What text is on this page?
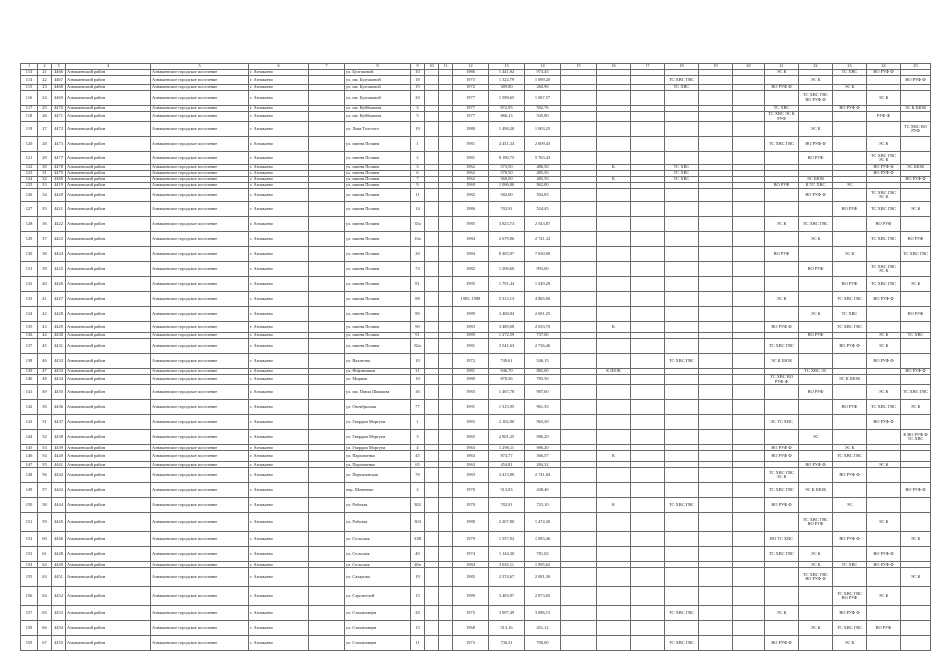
1	2	3	4	5	6	7	8	9	10	11	12	13	14	15	16	17	18	19	20	21	22	23	24	25
113	21	4466	Азнакаевский район	Азнакаевское городское поселение	г. Азнакаево		ул. Булгаковой	10			1986	1 441,92	974,45							ЭС К		ТС ХВС	ВО РУФ Ф	
114	22	4467	Азнакаевский район	Азнакаевское городское поселение	г. Азнакаево		ул. им. Булгаковой	18			1973	1 322,79	1 089,20				ТС ХВС ГВС				ЭС К			ВО РУФ Ф
115	23	4468	Азнакаевский район	Азнакаевское городское поселение	г. Азнакаево		ул. им. Булгаковой	19			1972	389,80	260,90				ТС ХВС			ВО РУФ Ф		ЭС К		
116	24	4469	Азнакаевский район	Азнакаевское городское поселение	г. Азнакаево		ул. им. Булгаковой	20			1977	1 598,65	1 067,57								ТС ХВС ГВС ВО РУФ Ф		ЭС К	
117	25	4470	Азнакаевский район	Азнакаевское городское поселение	г. Азнакаево		ул. им. Куйбышева	3			1977	872,95	592,76							ТС ХВС		ВО РУФ Ф		ЭС К ШОК
118	26	4471	Азнакаевский район	Азнакаевское городское поселение	г. Азнакаево		ул. им. Куйбышева	5			1977	866,13	545,80							ТС ХВС ЭС К РУФ			РУФ Ф	
119	27	4472	Азнакаевский район	Азнакаевское городское поселение	г. Азнакаево		ул. Льва Толстого	19			1980	1 498,20	1 003,25								ЭС К			ТС ХВС ВО РУФ
120	28	4473	Азнакаевский район	Азнакаевское городское поселение	г. Азнакаево		ул. имени Почина	1			1981	4 451,34	2 609,43							ТС ХВС ГВС	ВО РУФ Ф		ЭС К	
121	29	4477	Азнакаевский район	Азнакаевское городское поселение	г. Азнакаево		ул. имени Почина	2			1981	8 180,75	5 763,43								ВО РУФ		ТС ХВС ГВС ЭС К	
122	30	4478	Азнакаевский район	Азнакаевское городское поселение	г. Азнакаево		ул. имени Почина	3			1962	573,50	486,50		К		ТС ХВС						ВО РУФ Ф	ЭС ШОК
123	31	4479	Азнакаевский район	Азнакаевское городское поселение	г. Азнакаево		ул. имени Почина	6			1962	578,50	485,50				ТС ХВС						ВО РУФ Ф	
124	32	4480	Азнакаевский район	Азнакаевское городское поселение	г. Азнакаево		ул. имени Почина	7			1962	560,00	485,50		К		ТС ХВС				ЭС ШОК			ВО РУФ Ф
125	33	4419	Азнакаевский район	Азнакаевское городское поселение	г. Азнакаево		ул. имени Почина	9			1969	1 006,80	962,00							ВО РУФ	К ТС ХВС	ЭС		
126	34	4420	Азнакаевский район	Азнакаевское городское поселение	г. Азнакаево		ул. имени Почина	11			1982	582,00	504,83								ВО РУФ Ф		ТС ХВС ГВС ЭС К	
127	35	4421	Азнакаевский район	Азнакаевское городское поселение	г. Азнакаево		ул. имени Почина	14			1986	702,91	524,45									ВО РУФ	ТС ХВС ГВС	ЭС К
128	36	4422	Азнакаевский район	Азнакаевское городское поселение	г. Азнакаево		ул. имени Почина	35а			1985	3 823,73	2 543,87							ЭС К	ТС ХВС ГВС		ВО РУФ	
129	37	4423	Азнакаевский район	Азнакаевское городское поселение	г. Азнакаево		ул. имени Почина	16а			1984	2 679,06	2 741,32								ЭС К		ТС ХВС ГВС	ВО РУФ
130	38	4424	Азнакаевский район	Азнакаевское городское поселение	г. Азнакаево		ул. имени Почина	30			1984	8 465,97	7 630,00							ВО РУФ		ЭС К		ТС ХВС ГВС
131	39	4425	Азнакаевский район	Азнакаевское городское поселение	г. Азнакаево		ул. имени Почина	73			1982	1 206,60	993,00								ВО РУФ		ТС ХВС ГВС ЭС К	
132	40	4426	Азнакаевский район	Азнакаевское городское поселение	г. Азнакаево		ул. имени Почина	81			1995	1 791,44	1 549,29									ВО РУФ	ТС ХВС ГВС	ЭС К
133	41	4427	Азнакаевский район	Азнакаевское городское поселение	г. Азнакаево		ул. имени Почина	88			1985, 1988	5 313,13	4 865,00							ЭС К		ТС ХВС ГВС	ВО РУФ Ф	
134	42	4428	Азнакаевский район	Азнакаевское городское поселение	г. Азнакаево		ул. имени Почина	89			1989	3 408,84	2 681,25								ЭС К	ТС ХВС		ВО РУФ
135	43	4429	Азнакаевский район	Азнакаевское городское поселение	г. Азнакаево		ул. имени Почина	90			1983	3 489,08	2 633,70		К					ВО РУФ Ф		ТС ХВС ГВС		
136	44	4430	Азнакаевский район	Азнакаевское городское поселение	г. Азнакаево		ул. имени Почина	91			1989	1 272,59	737,00								ВО РУФ		ЭС К	ТС ХВС
137	45	4431	Азнакаевский район	Азнакаевское городское поселение	г. Азнакаево		ул. имени Почина	82а			1981	3 541,63	2 736,46							ТС ХВС ГВС		ВО РУФ Ф	ЭС К	
138	46	4432	Азнакаевский район	Азнакаевское городское поселение	г. Азнакаево		ул. Вахитова	10			1972	749,61	546,15				ТС ХВС ГВС			ЭС К ШОК			ВО РУФ Ф	
139	47	4433	Азнакаевский район	Азнакаевское городское поселение	г. Азнакаево		ул. Нефтяников	31			1981	946,70	882,00		К ШОК						ТС ХВС ЭС			ВО РУФ Ф
140	48	4434	Азнакаевский район	Азнакаевское городское поселение	г. Азнакаево		ул. Мирная	10			1980	878,56	785,50							ТС ХВС ВО РУФ Ф		ЭС К ШОК		
141	49	4435	Азнакаевский район	Азнакаевское городское поселение	г. Азнакаево		ул. им. Павла Шмакова	16			1983	1 467,78	987,60								ВО РУФ		ЭС К	ТС ХВС ГВС
142	50	4436	Азнакаевский район	Азнакаевское городское поселение	г. Азнакаево		ул. Октябрьская	77			1991	1 315,95	961,35									ВО РУФ	ТС ХВС ГВС	ЭС К
143	51	4437	Азнакаевский район	Азнакаевское городское поселение	г. Азнакаево		ул. Гвардии Моргуна	1			1965	2 102,00	963,30							ЭС ТС ХВС			ВО РУФ Ф	
144	52	4438	Азнакаевский район	Азнакаевское городское поселение	г. Азнакаево		ул. Гвардии Моргуна	3			1965	2 801,25	986,20								ЭС			К ВО РУФ Ф ТС ХВС
145	53	4439	Азнакаевский район	Азнакаевское городское поселение	г. Азнакаево		ул. Гвардии Моргуна	4			1963	1 296,11	986,20							ВО РУФ Ф		ЭС К		
146	54	4440	Азнакаевский район	Азнакаевское городское поселение	г. Азнакаево		ул. Пархоменко	45			1963	873,77	566,57		К					ВО РУФ Ф		ТС ХВС ГВС		
147	55	4441	Азнакаевский район	Азнакаевское городское поселение	г. Азнакаево		ул. Пархоменко	65			1963	454,81	284,32								ВО РУФ Ф		ЭС К	
148	56	4442	Азнакаевский район	Азнакаевское городское поселение	г. Азнакаево		ул. Партизанская	70			1983	3 413,80	2 741,84							ТС ХВС ГВС ЭС К		ВО РУФ Ф		
149	57	4443	Азнакаевский район	Азнакаевское городское поселение	г. Азнакаево		пер. Шевченко	2			1970	513,83	438,40							ТС ХВС ГВС	ЭС К ШОК			ВО РУФ Ф
150	58	4444	Азнакаевский район	Азнакаевское городское поселение	г. Азнакаево		ул. Рабочая	302			1970	782,91	725,10		К		ТС ХВС ГВС			ВО РУФ Ф		ЭС		
151	59	4445	Азнакаевский район	Азнакаевское городское поселение	г. Азнакаево		ул. Рабочая	304			1988	2 207,80	1 474,30								ТС ХВС ГВС ВО РУФ		ЭС К	
152	60	4446	Азнакаевский район	Азнакаевское городское поселение	г. Азнакаево		ул. Сельская	31В			1979	1 557,92	1 083,46							ВО ТС ХВС		ВО РУФ Ф		ЭС К
153	61	4448	Азнакаевский район	Азнакаевское городское поселение	г. Азнакаево		ул. Сельская	40			1974	1 144,30	781,02							ТС ХВС ГВС	ЭС К		ВО РУФ Ф	
154	62	4449	Азнакаевский район	Азнакаевское городское поселение	г. Азнакаево		ул. Сельская	40а			1984	3 045,11	1 995,62								ЭС К	ТС ХВС	ВО РУФ Ф	
155	63	4451	Азнакаевский район	Азнакаевское городское поселение	г. Азнакаево		ул. Сахарова	19			1985	2 374,67	2 081,50								ТС ХВС ГВС ВО РУФ Ф			ЭС К
156	64	4452	Азнакаевский район	Азнакаевское городское поселение	г. Азнакаево		ул. Строителей	15			1989	3 483,97	2 873,65									ТС ХВС ГВС ВО РУФ	ЭС К	
157	65	4453	Азнакаевский район	Азнакаевское городское поселение	г. Азнакаево		ул. Стахановцев	20			1975	3 997,49	3 086,15				ТС ХВС ГВС			ЭС К		ВО РУФ Ф		
158	66	4454	Азнакаевский район	Азнакаевское городское поселение	г. Азнакаево		ул. Стахановцев	15			1968	513,16	431,12								ЭС К	ТС ХВС ГВС	ВО РУФ	
159	67	4455	Азнакаевский район	Азнакаевское городское поселение	г. Азнакаево		ул. Стахановцев	11			1973	736,31	700,00				ТС ХВС ГВС			ВО РУФ Ф		ЭС К		
